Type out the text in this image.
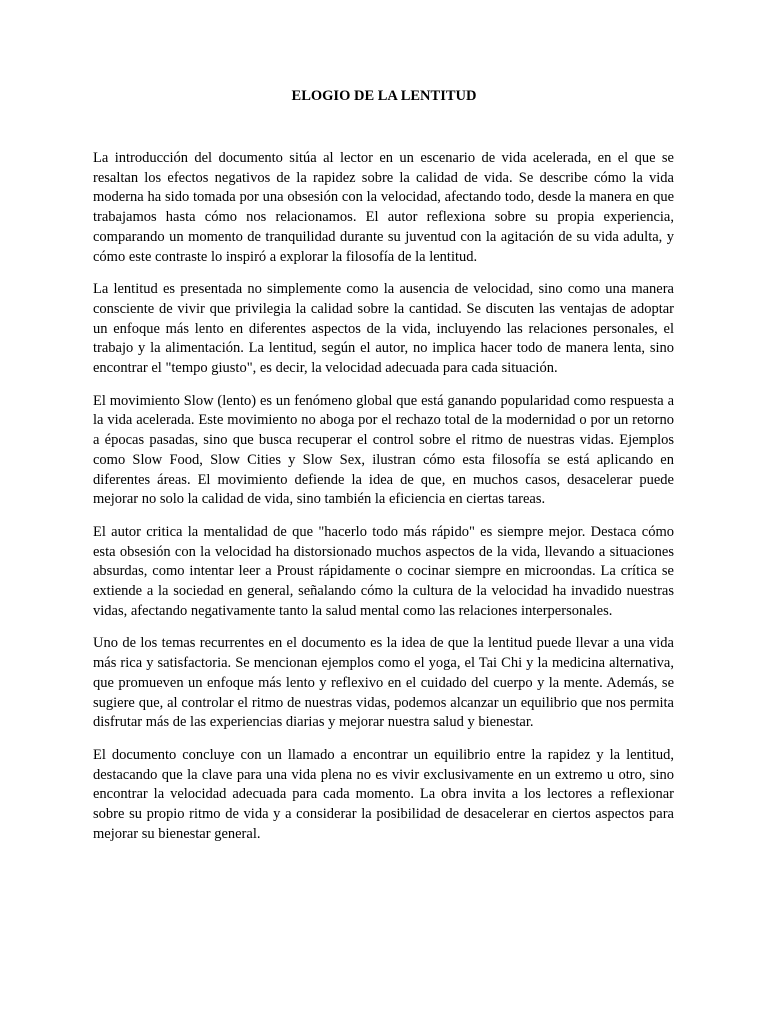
ELOGIO DE LA LENTITUD

La introducción del documento sitúa al lector en un escenario de vida acelerada, en el que se resaltan los efectos negativos de la rapidez sobre la calidad de vida. Se describe cómo la vida moderna ha sido tomada por una obsesión con la velocidad, afectando todo, desde la manera en que trabajamos hasta cómo nos relacionamos. El autor reflexiona sobre su propia experiencia, comparando un momento de tranquilidad durante su juventud con la agitación de su vida adulta, y cómo este contraste lo inspiró a explorar la filosofía de la lentitud.

La lentitud es presentada no simplemente como la ausencia de velocidad, sino como una manera consciente de vivir que privilegia la calidad sobre la cantidad. Se discuten las ventajas de adoptar un enfoque más lento en diferentes aspectos de la vida, incluyendo las relaciones personales, el trabajo y la alimentación. La lentitud, según el autor, no implica hacer todo de manera lenta, sino encontrar el "tempo giusto", es decir, la velocidad adecuada para cada situación.

El movimiento Slow (lento) es un fenómeno global que está ganando popularidad como respuesta a la vida acelerada. Este movimiento no aboga por el rechazo total de la modernidad o por un retorno a épocas pasadas, sino que busca recuperar el control sobre el ritmo de nuestras vidas. Ejemplos como Slow Food, Slow Cities y Slow Sex, ilustran cómo esta filosofía se está aplicando en diferentes áreas. El movimiento defiende la idea de que, en muchos casos, desacelerar puede mejorar no solo la calidad de vida, sino también la eficiencia en ciertas tareas.

El autor critica la mentalidad de que "hacerlo todo más rápido" es siempre mejor. Destaca cómo esta obsesión con la velocidad ha distorsionado muchos aspectos de la vida, llevando a situaciones absurdas, como intentar leer a Proust rápidamente o cocinar siempre en microondas. La crítica se extiende a la sociedad en general, señalando cómo la cultura de la velocidad ha invadido nuestras vidas, afectando negativamente tanto la salud mental como las relaciones interpersonales.

Uno de los temas recurrentes en el documento es la idea de que la lentitud puede llevar a una vida más rica y satisfactoria. Se mencionan ejemplos como el yoga, el Tai Chi y la medicina alternativa, que promueven un enfoque más lento y reflexivo en el cuidado del cuerpo y la mente. Además, se sugiere que, al controlar el ritmo de nuestras vidas, podemos alcanzar un equilibrio que nos permita disfrutar más de las experiencias diarias y mejorar nuestra salud y bienestar.

El documento concluye con un llamado a encontrar un equilibrio entre la rapidez y la lentitud, destacando que la clave para una vida plena no es vivir exclusivamente en un extremo u otro, sino encontrar la velocidad adecuada para cada momento. La obra invita a los lectores a reflexionar sobre su propio ritmo de vida y a considerar la posibilidad de desacelerar en ciertos aspectos para mejorar su bienestar general.
